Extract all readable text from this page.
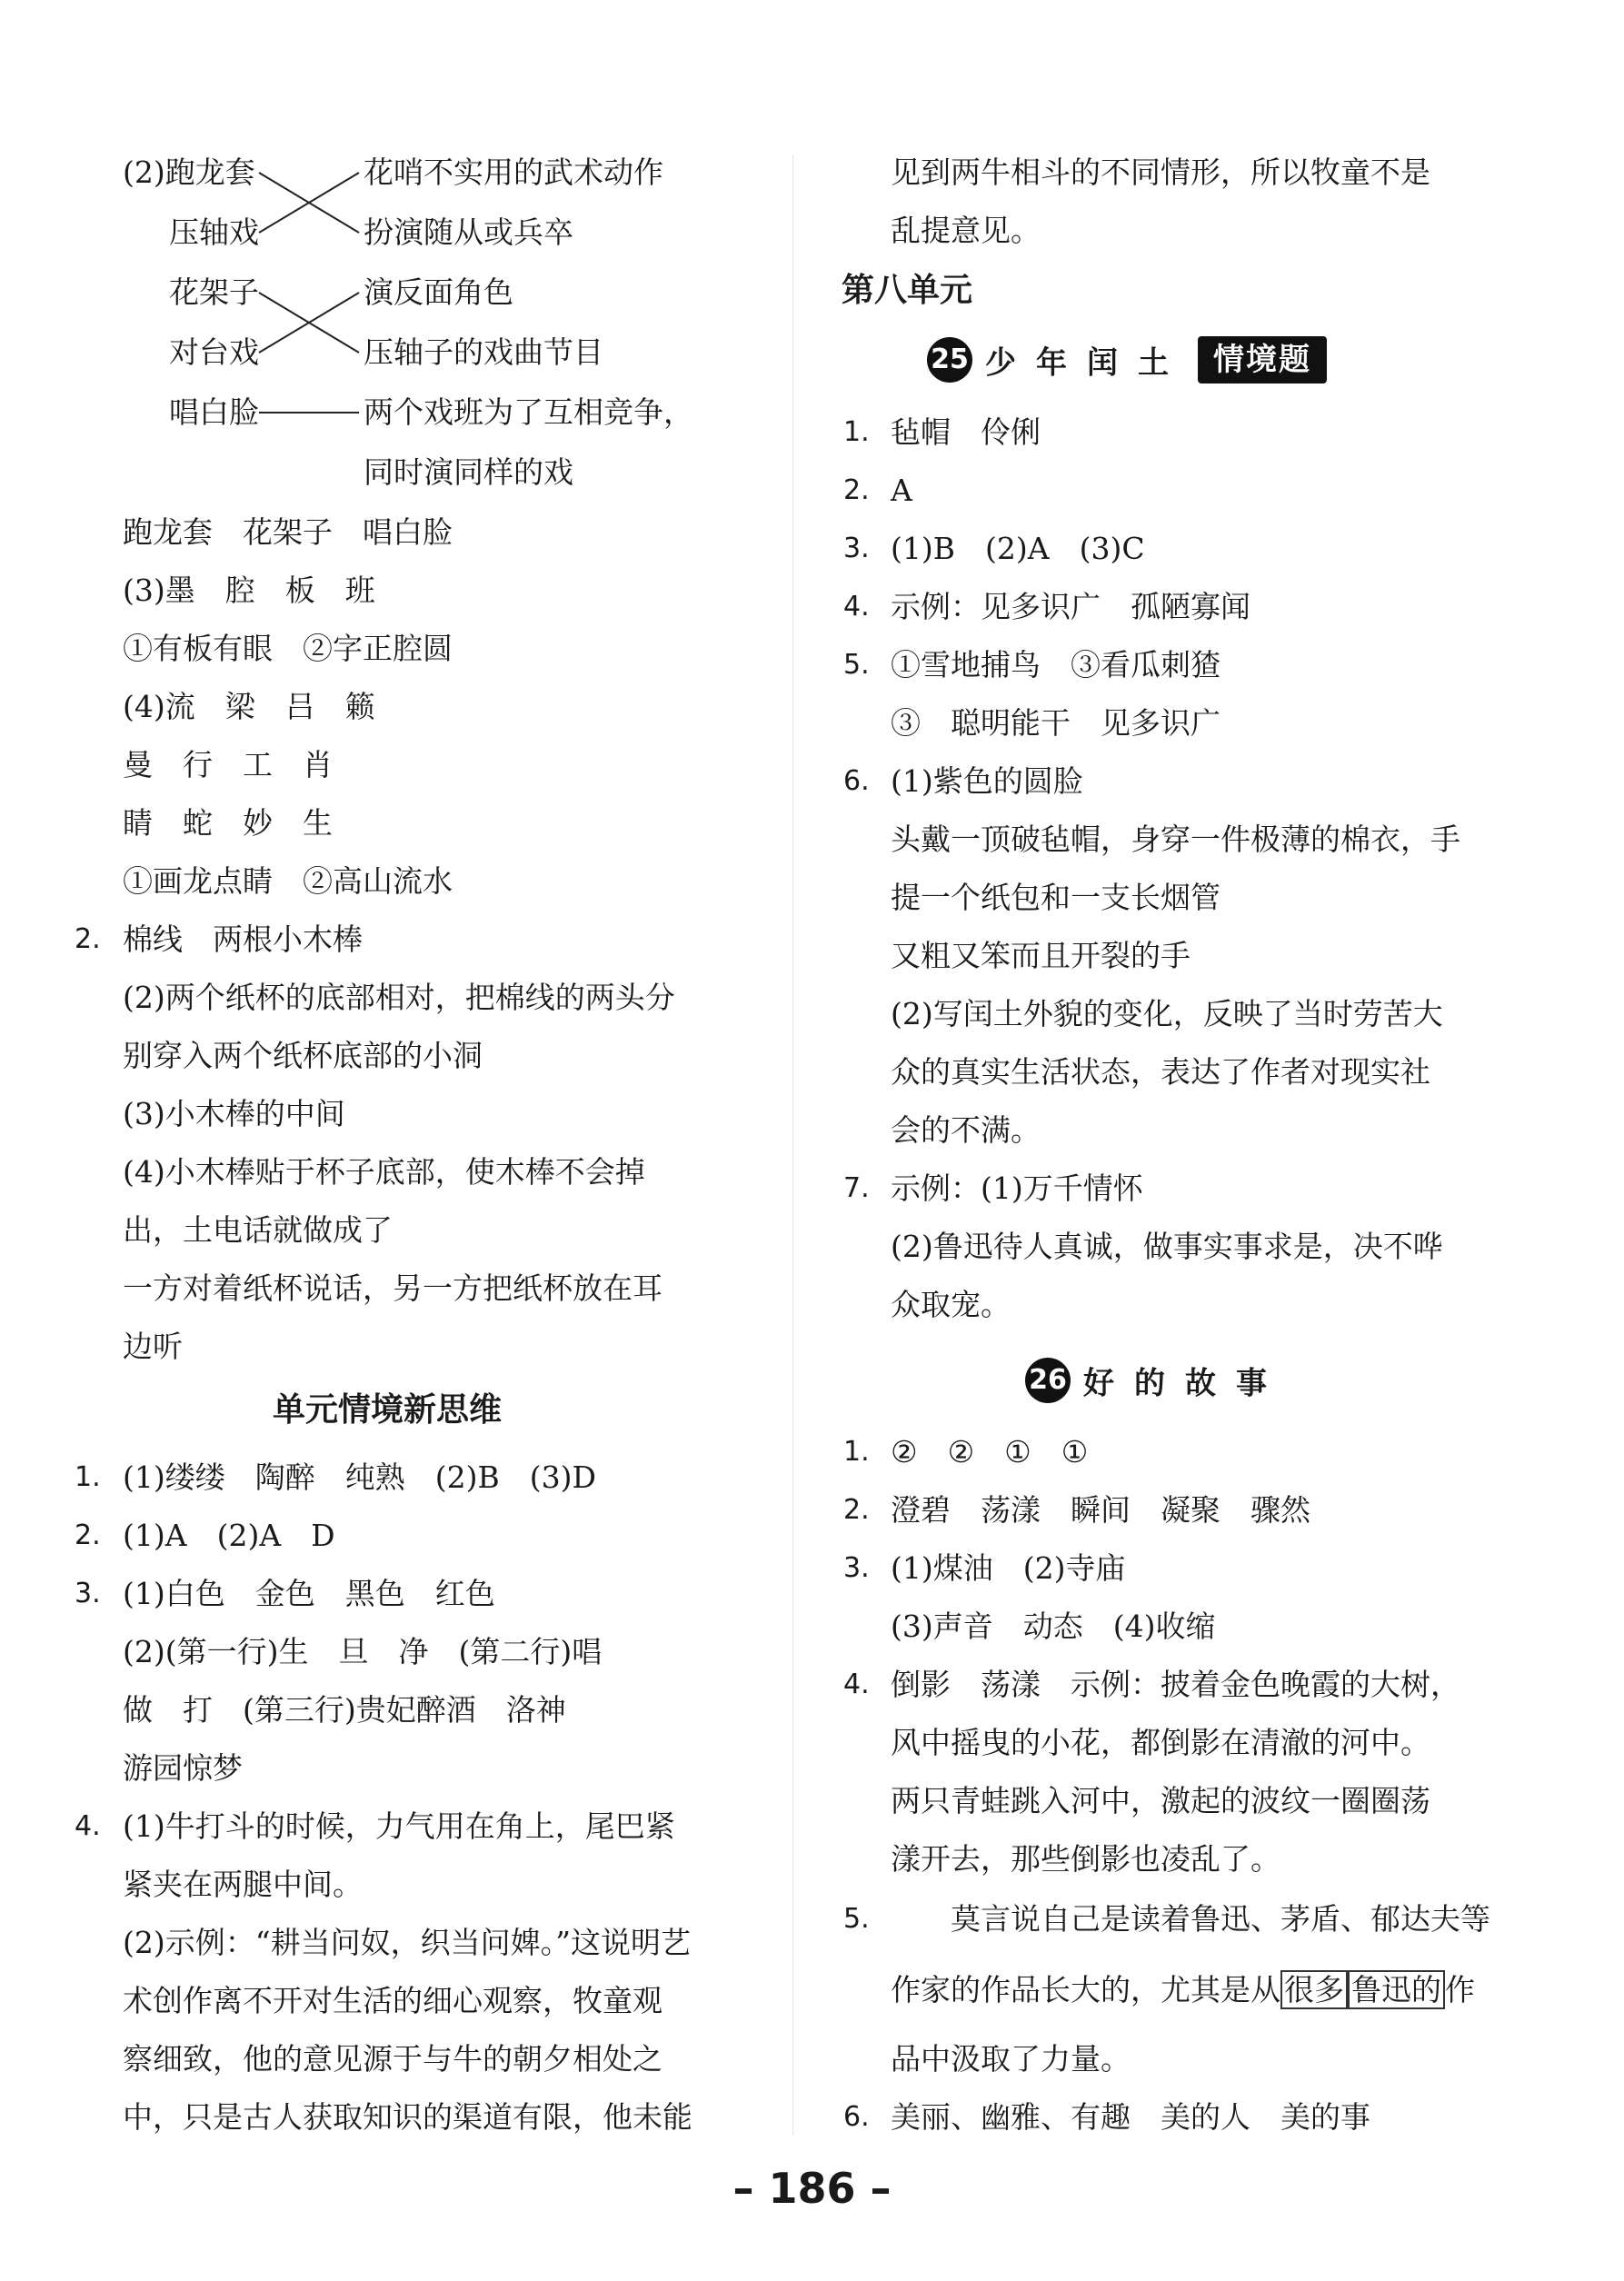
(2)跑龙套
压轴戏
花架子
对台戏
唱白脸
花哨不实用的武术动作
扮演随从或兵卒
演反面角色
压轴子的戏曲节目
两个戏班为了互相竞争，
同时演同样的戏
跑龙套　花架子　唱白脸
(3)墨　腔　板　班
①有板有眼　②字正腔圆
(4)流　梁　吕　籁
曼　行　工　肖
睛　蛇　妙　生
①画龙点睛　②高山流水
2. 棉线　两根小木棒
(2)两个纸杯的底部相对，把棉线的两头分
别穿入两个纸杯底部的小洞
(3)小木棒的中间
(4)小木棒贴于杯子底部，使木棒不会掉
出，土电话就做成了
一方对着纸杯说话，另一方把纸杯放在耳
边听
单元情境新思维
1. (1)缕缕　陶醉　纯熟　(2)B　(3)D
2. (1)A　(2)A　D
3. (1)白色　金色　黑色　红色
(2)(第一行)生　旦　净　(第二行)唱
做　打　(第三行)贵妃醉酒　洛神
游园惊梦
4. (1)牛打斗的时候，力气用在角上，尾巴紧
紧夹在两腿中间。
(2)示例：“耕当问奴，织当问婢。”这说明艺
术创作离不开对生活的细心观察，牧童观
察细致，他的意见源于与牛的朝夕相处之
中，只是古人获取知识的渠道有限，他未能
见到两牛相斗的不同情形，所以牧童不是
乱提意见。
第八单元
25 少年闰土 情境题
1. 毡帽　伶俐
2. A
3. (1)B　(2)A　(3)C
4. 示例：见多识广　孤陋寡闻
5. ①雪地捕鸟　③看瓜刺猹
③　聪明能干　见多识广
6. (1)紫色的圆脸
头戴一顶破毡帽，身穿一件极薄的棉衣，手
提一个纸包和一支长烟管
又粗又笨而且开裂的手
(2)写闰土外貌的变化，反映了当时劳苦大
众的真实生活状态，表达了作者对现实社
会的不满。
7. 示例：(1)万千情怀
(2)鲁迅待人真诚，做事实事求是，决不哗
众取宠。
26 好的故事
1. ②　②　①　①
2. 澄碧　荡漾　瞬间　凝聚　骤然
3. (1)煤油　(2)寺庙
(3)声音　动态　(4)收缩
4. 倒影　荡漾　示例：披着金色晚霞的大树，
风中摇曳的小花，都倒影在清澈的河中。
两只青蛙跳入河中，激起的波纹一圈圈荡
漾开去，那些倒影也凌乱了。
5. 　　莫言说自己是读着鲁迅、茅盾、郁达夫等
作家的作品长大的，尤其是从 很多 鲁迅的 作
品中汲取了力量。
6. 美丽、幽雅、有趣　美的人　美的事
– 186 –
